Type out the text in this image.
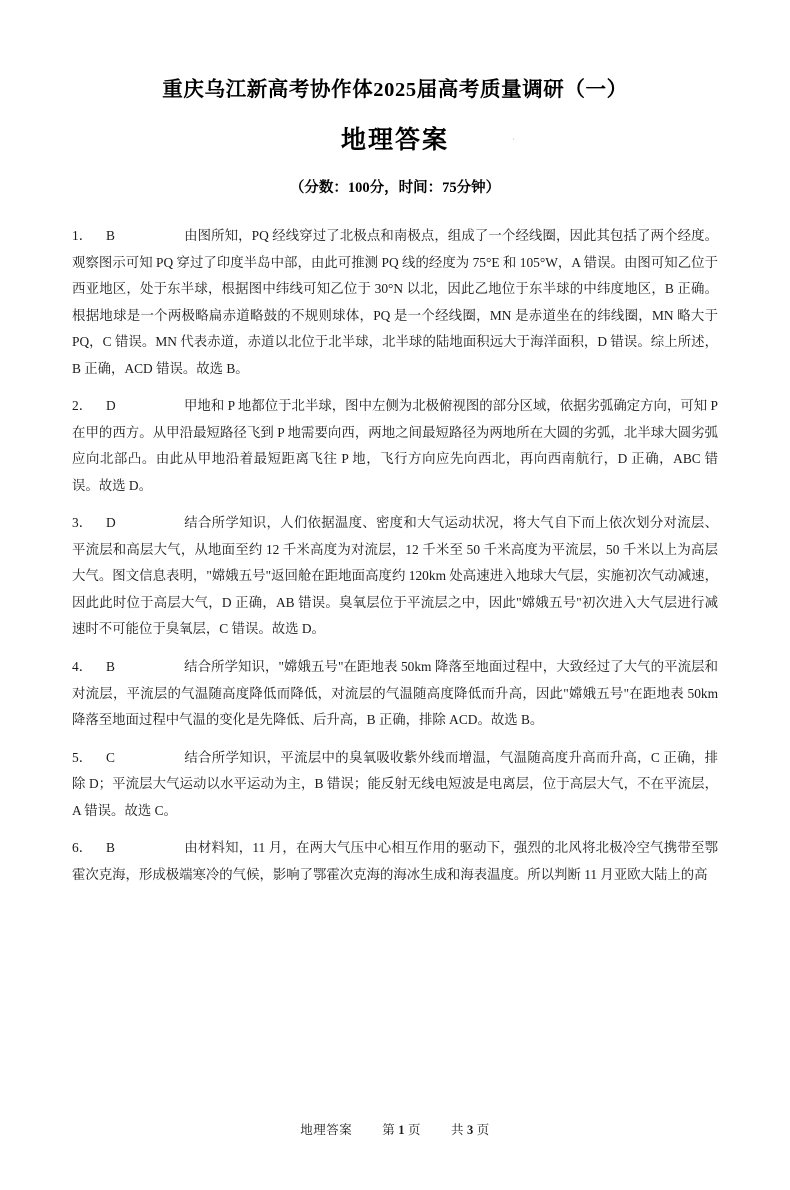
·
重庆乌江新高考协作体2025届高考质量调研（一）
地理答案
（分数：100分，时间：75分钟）
1． B	由图所知，PQ 经线穿过了北极点和南极点，组成了一个经线圈，因此其包括了两个经度。观察图示可知 PQ 穿过了印度半岛中部，由此可推测 PQ 线的经度为 75°E 和 105°W，A 错误。由图可知乙位于西亚地区，处于东半球，根据图中纬线可知乙位于 30°N 以北，因此乙地位于东半球的中纬度地区，B 正确。根据地球是一个两极略扁赤道略鼓的不规则球体，PQ 是一个经线圈，MN 是赤道坐在的纬线圈，MN 略大于 PQ，C 错误。MN 代表赤道，赤道以北位于北半球，北半球的陆地面积远大于海洋面积，D 错误。综上所述，B 正确，ACD 错误。故选 B。
2． D	甲地和 P 地都位于北半球，图中左侧为北极俯视图的部分区域，依据劣弧确定方向，可知 P 在甲的西方。从甲沿最短路径飞到 P 地需要向西，两地之间最短路径为两地所在大圆的劣弧，北半球大圆劣弧应向北部凸。由此从甲地沿着最短距离飞往 P 地，飞行方向应先向西北，再向西南航行，D 正确，ABC 错误。故选 D。
3． D	结合所学知识，人们依据温度、密度和大气运动状况，将大气自下而上依次划分对流层、平流层和高层大气，从地面至约 12 千米高度为对流层，12 千米至 50 千米高度为平流层，50 千米以上为高层大气。图文信息表明，"嫦娥五号"返回舱在距地面高度约 120km 处高速进入地球大气层，实施初次气动减速，因此此时位于高层大气，D 正确，AB 错误。臭氧层位于平流层之中，因此"嫦娥五号"初次进入大气层进行减速时不可能位于臭氧层，C 错误。故选 D。
4． B	结合所学知识，"嫦娥五号"在距地表 50km 降落至地面过程中，大致经过了大气的平流层和对流层，平流层的气温随高度降低而降低，对流层的气温随高度降低而升高，因此"嫦娥五号"在距地表 50km 降落至地面过程中气温的变化是先降低、后升高，B 正确，排除 ACD。故选 B。
5． C	结合所学知识，平流层中的臭氧吸收紫外线而增温，气温随高度升高而升高，C 正确，排除 D；平流层大气运动以水平运动为主，B 错误；能反射无线电短波是电离层，位于高层大气，不在平流层，A 错误。故选 C。
6． B	由材料知，11 月，在两大气压中心相互作用的驱动下，强烈的北风将北极冷空气携带至鄂霍次克海，形成极端寒冷的气候，影响了鄂霍次克海的海冰生成和海表温度。所以判断 11 月亚欧大陆上的高
地理答案 第 1 页 共 3 页
